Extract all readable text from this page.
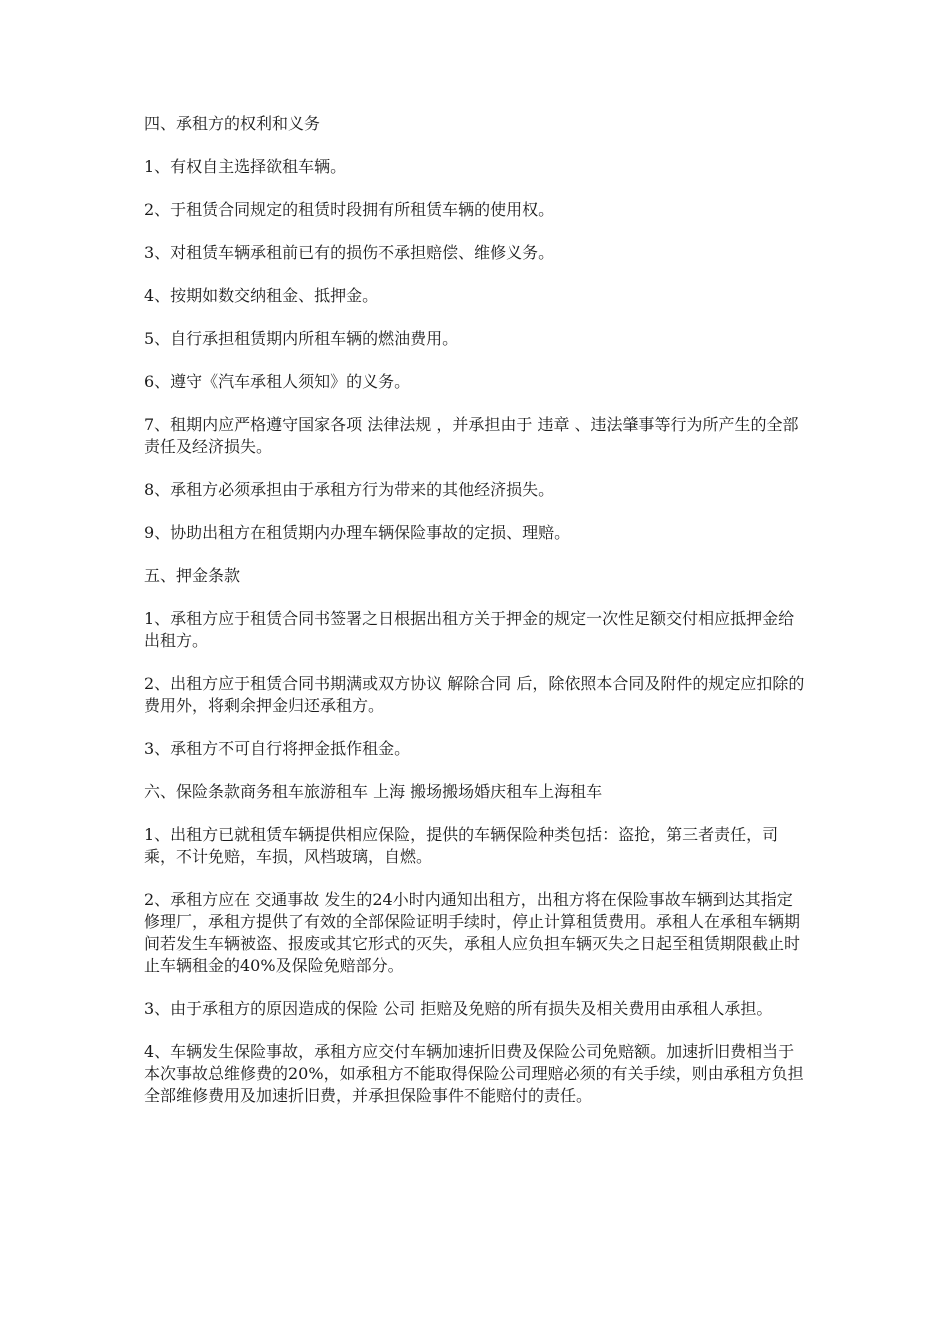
四、承租方的权利和义务

1、有权自主选择欲租车辆。

2、于租赁合同规定的租赁时段拥有所租赁车辆的使用权。

3、对租赁车辆承租前已有的损伤不承担赔偿、维修义务。

4、按期如数交纳租金、抵押金。

5、自行承担租赁期内所租车辆的燃油费用。

6、遵守《汽车承租人须知》的义务。

7、租期内应严格遵守国家各项 法律法规 ，并承担由于 违章 、违法肇事等行为所产生的全部责任及经济损失。

8、承租方必须承担由于承租方行为带来的其他经济损失。

9、协助出租方在租赁期内办理车辆保险事故的定损、理赔。

五、押金条款

1、承租方应于租赁合同书签署之日根据出租方关于押金的规定一次性足额交付相应抵押金给出租方。

2、出租方应于租赁合同书期满或双方协议 解除合同 后，除依照本合同及附件的规定应扣除的费用外，将剩余押金归还承租方。

3、承租方不可自行将押金抵作租金。

六、保险条款商务租车旅游租车 上海 搬场搬场婚庆租车上海租车

1、出租方已就租赁车辆提供相应保险，提供的车辆保险种类包括：盗抢，第三者责任，司乘，不计免赔，车损，风档玻璃，自燃。

2、承租方应在 交通事故 发生的24小时内通知出租方，出租方将在保险事故车辆到达其指定修理厂，承租方提供了有效的全部保险证明手续时，停止计算租赁费用。承租人在承租车辆期间若发生车辆被盗、报废或其它形式的灭失，承租人应负担车辆灭失之日起至租赁期限截止时止车辆租金的40%及保险免赔部分。

3、由于承租方的原因造成的保险 公司 拒赔及免赔的所有损失及相关费用由承租人承担。

4、车辆发生保险事故，承租方应交付车辆加速折旧费及保险公司免赔额。加速折旧费相当于本次事故总维修费的20%，如承租方不能取得保险公司理赔必须的有关手续，则由承租方负担全部维修费用及加速折旧费，并承担保险事件不能赔付的责任。
